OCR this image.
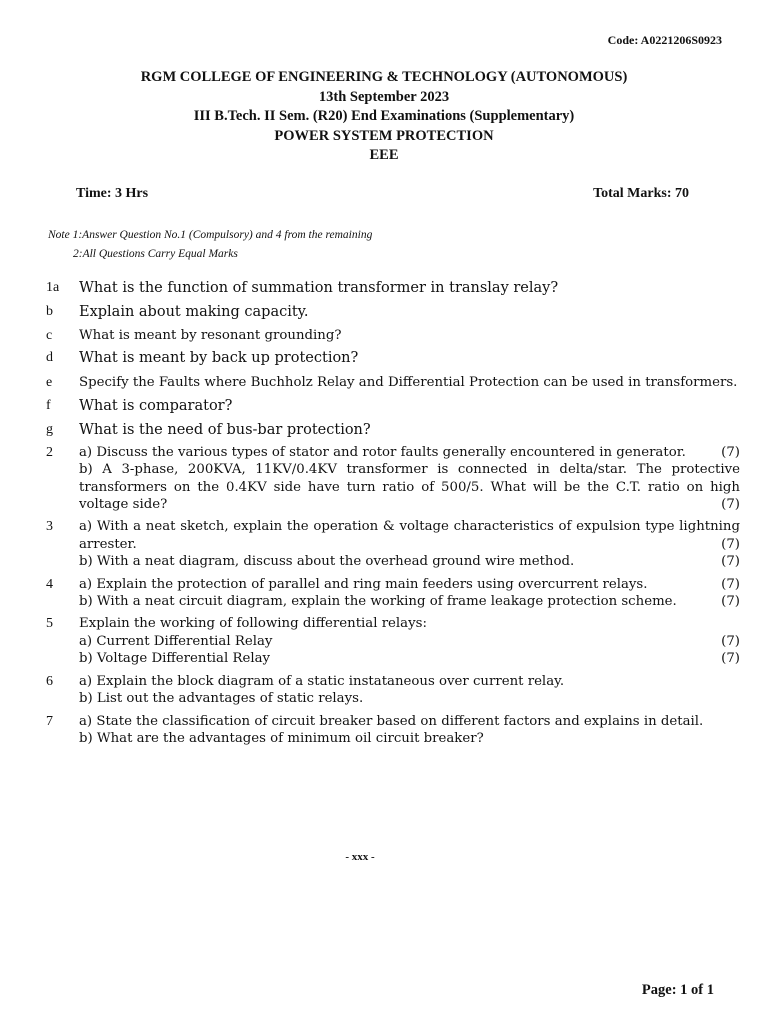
Code: A0221206S0923
RGM COLLEGE OF ENGINEERING & TECHNOLOGY (AUTONOMOUS)
13th September 2023
III B.Tech. II Sem. (R20) End Examinations (Supplementary)
POWER SYSTEM PROTECTION
EEE
Time: 3 Hrs	Total Marks: 70
Note 1:Answer Question No.1 (Compulsory) and 4 from the remaining
2:All Questions Carry Equal Marks
1a	What is the function of summation transformer in translay relay?
b	Explain about making capacity.
c	What is meant by resonant grounding?
d	What is meant by back up protection?
e	Specify the Faults where Buchholz Relay and Differential Protection can be used in transformers.
f	What is comparator?
g	What is the need of bus-bar protection?
2	a) Discuss the various types of stator and rotor faults generally encountered in generator.	(7)
b) A 3-phase, 200KVA, 11KV/0.4KV transformer is connected in delta/star. The protective transformers on the 0.4KV side have turn ratio of 500/5. What will be the C.T. ratio on high voltage side?	(7)
3	a) With a neat sketch, explain the operation & voltage characteristics of expulsion type lightning arrester.	(7)
b) With a neat diagram, discuss about the overhead ground wire method.	(7)
4	a) Explain the protection of parallel and ring main feeders using overcurrent relays.	(7)
b) With a neat circuit diagram, explain the working of frame leakage protection scheme.	(7)
5	Explain the working of following differential relays:
a) Current Differential Relay	(7)
b) Voltage Differential Relay	(7)
6	a) Explain the block diagram of a static instataneous over current relay.
b) List out the advantages of static relays.
7	a) State the classification of circuit breaker based on different factors and explains in detail.
b) What are the advantages of minimum oil circuit breaker?
- xxx -
Page: 1 of 1
